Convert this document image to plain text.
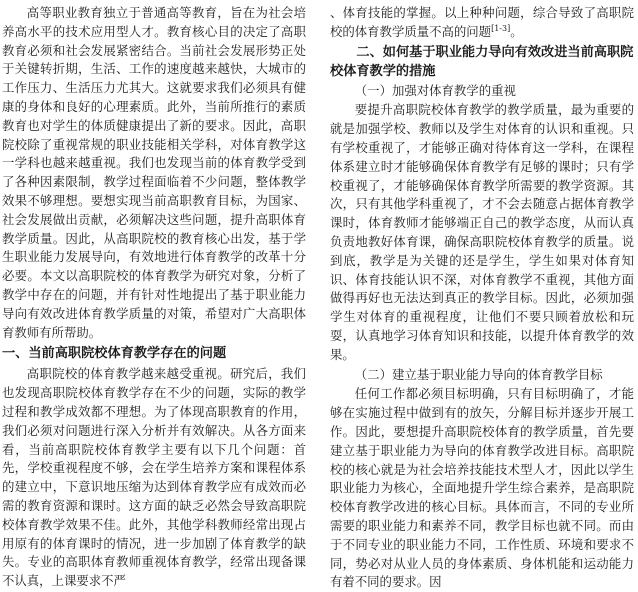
高等职业教育独立于普通高等教育，旨在为社会培养高水平的技术应用型人才。教育核心目的决定了高职教育必须和社会发展紧密结合。当前社会发展形势正处于关键转折期，生活、工作的速度越来越快，大城市的工作压力、生活压力尤其大。这就要求我们必须具有健康的身体和良好的心理素质。此外，当前所推行的素质教育也对学生的体质健康提出了新的要求。因此，高职院校除了重视常规的职业技能相关学科，对体育教学这一学科也越来越重视。我们也发现当前的体育教学受到了各种因素限制，教学过程面临着不少问题，整体教学效果不够理想。要想实现当前高职教育目标，为国家、社会发展做出贡献，必须解决这些问题，提升高职体育教学质量。因此，从高职院校的教育核心出发，基于学生职业能力发展导向，有效地进行体育教学的改革十分必要。本文以高职院校的体育教学为研究对象，分析了教学中存在的问题，并有针对性地提出了基于职业能力导向有效改进体育教学质量的对策，希望对广大高职体育教师有所帮助。

一、当前高职院校体育教学存在的问题

高职院校的体育教学越来越受重视。研究后，我们也发现高职院校体育教学存在不少的问题，实际的教学过程和教学成效都不理想。为了体现高职教育的作用，我们必须对问题进行深入分析并有效解决。从各方面来看，当前高职院校体育教学主要有以下几个问题：首先，学校重视程度不够，会在学生培养方案和课程体系的建立中，下意识地压缩为达到体育教学应有成效而必需的教育资源和课时。这方面的缺乏必然会导致高职院校体育教学效果不佳。此外，其他学科教师经常出现占用原有的体育课时的情况，进一步加剧了体育教学的缺失。专业的高职体育教师重视体育教学，经常出现备课不认真，上课要求不严

、体育技能的掌握。以上种种问题，综合导致了高职院校的体育教学质量不高的问题[1-3]。

二、如何基于职业能力导向有效改进当前高职院校体育教学的措施
（一）加强对体育教学的重视

要提升高职院校体育教学的教学质量，最为重要的就是加强学校、教师以及学生对体育的认识和重视。只有学校重视了，才能够正确对待体育这一学科，在课程体系建立时才能够确保体育教学有足够的课时；只有学校重视了，才能够确保体育教学所需要的教学资源。其次，只有其他学科重视了，才不会去随意占据体育教学课时，体育教师才能够端正自己的教学态度，从而认真负责地教好体育课，确保高职院校体育教学的质量。说到底，教学是为关键的还是学生，学生如果对体育知识、体育技能认识不深，对体育教学不重视，其他方面做得再好也无法达到真正的教学目标。因此，必须加强学生对体育的重视程度，让他们不要只顾着放松和玩耍，认真地学习体育知识和技能，以提升体育教学的效果。

（二）建立基于职业能力导向的体育教学目标

任何工作都必须目标明确，只有目标明确了，才能够在实施过程中做到有的放矢，分解目标并逐步开展工作。因此，要想提升高职院校体育的教学质量，首先要建立基于职业能力为导向的体育教学改进目标。高职院校的核心就是为社会培养技能技术型人才，因此以学生职业能力为核心，全面地提升学生综合素养，是高职院校体育教学改进的核心目标。具体而言，不同的专业所需要的职业能力和素养不同，教学目标也就不同。而由于不同专业的职业能力不同，工作性质、环境和要求不同，势必对从业人员的身体素质、身体机能和运动能力有着不同的要求。因
